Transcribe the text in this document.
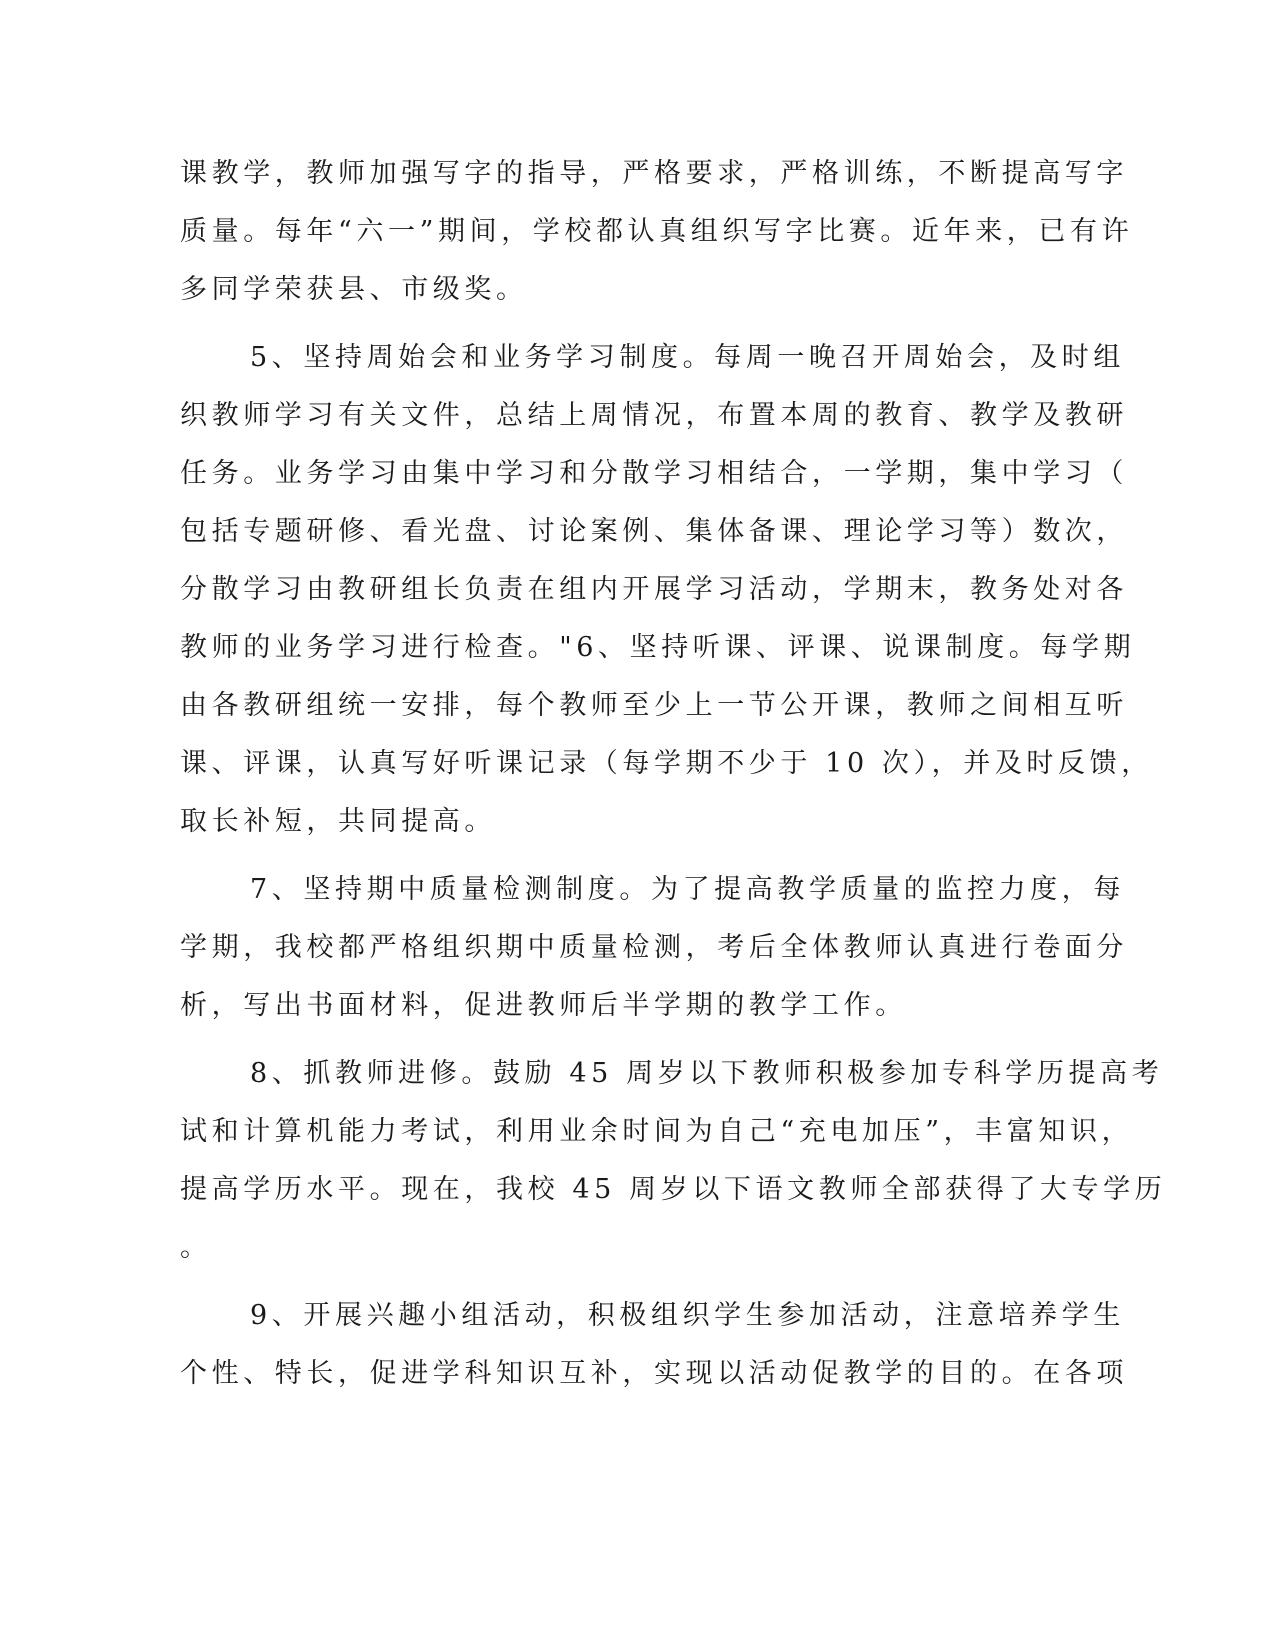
课教学，教师加强写字的指导，严格要求，严格训练，不断提高写字
质量。每年“六一”期间，学校都认真组织写字比赛。近年来，已有许
多同学荣获县、市级奖。
5、坚持周始会和业务学习制度。每周一晚召开周始会，及时组
织教师学习有关文件，总结上周情况，布置本周的教育、教学及教研
任务。业务学习由集中学习和分散学习相结合，一学期，集中学习（
包括专题研修、看光盘、讨论案例、集体备课、理论学习等）数次，
分散学习由教研组长负责在组内开展学习活动，学期末，教务处对各
教师的业务学习进行检查。"6、坚持听课、评课、说课制度。每学期
由各教研组统一安排，每个教师至少上一节公开课，教师之间相互听
课、评课，认真写好听课记录（每学期不少于 10 次），并及时反馈，
取长补短，共同提高。
7、坚持期中质量检测制度。为了提高教学质量的监控力度，每
学期，我校都严格组织期中质量检测，考后全体教师认真进行卷面分
析，写出书面材料，促进教师后半学期的教学工作。
8、抓教师进修。鼓励 45 周岁以下教师积极参加专科学历提高考
试和计算机能力考试，利用业余时间为自己“充电加压”，丰富知识，
提高学历水平。现在，我校 45 周岁以下语文教师全部获得了大专学历
。
9、开展兴趣小组活动，积极组织学生参加活动，注意培养学生
个性、特长，促进学科知识互补，实现以活动促教学的目的。在各项
